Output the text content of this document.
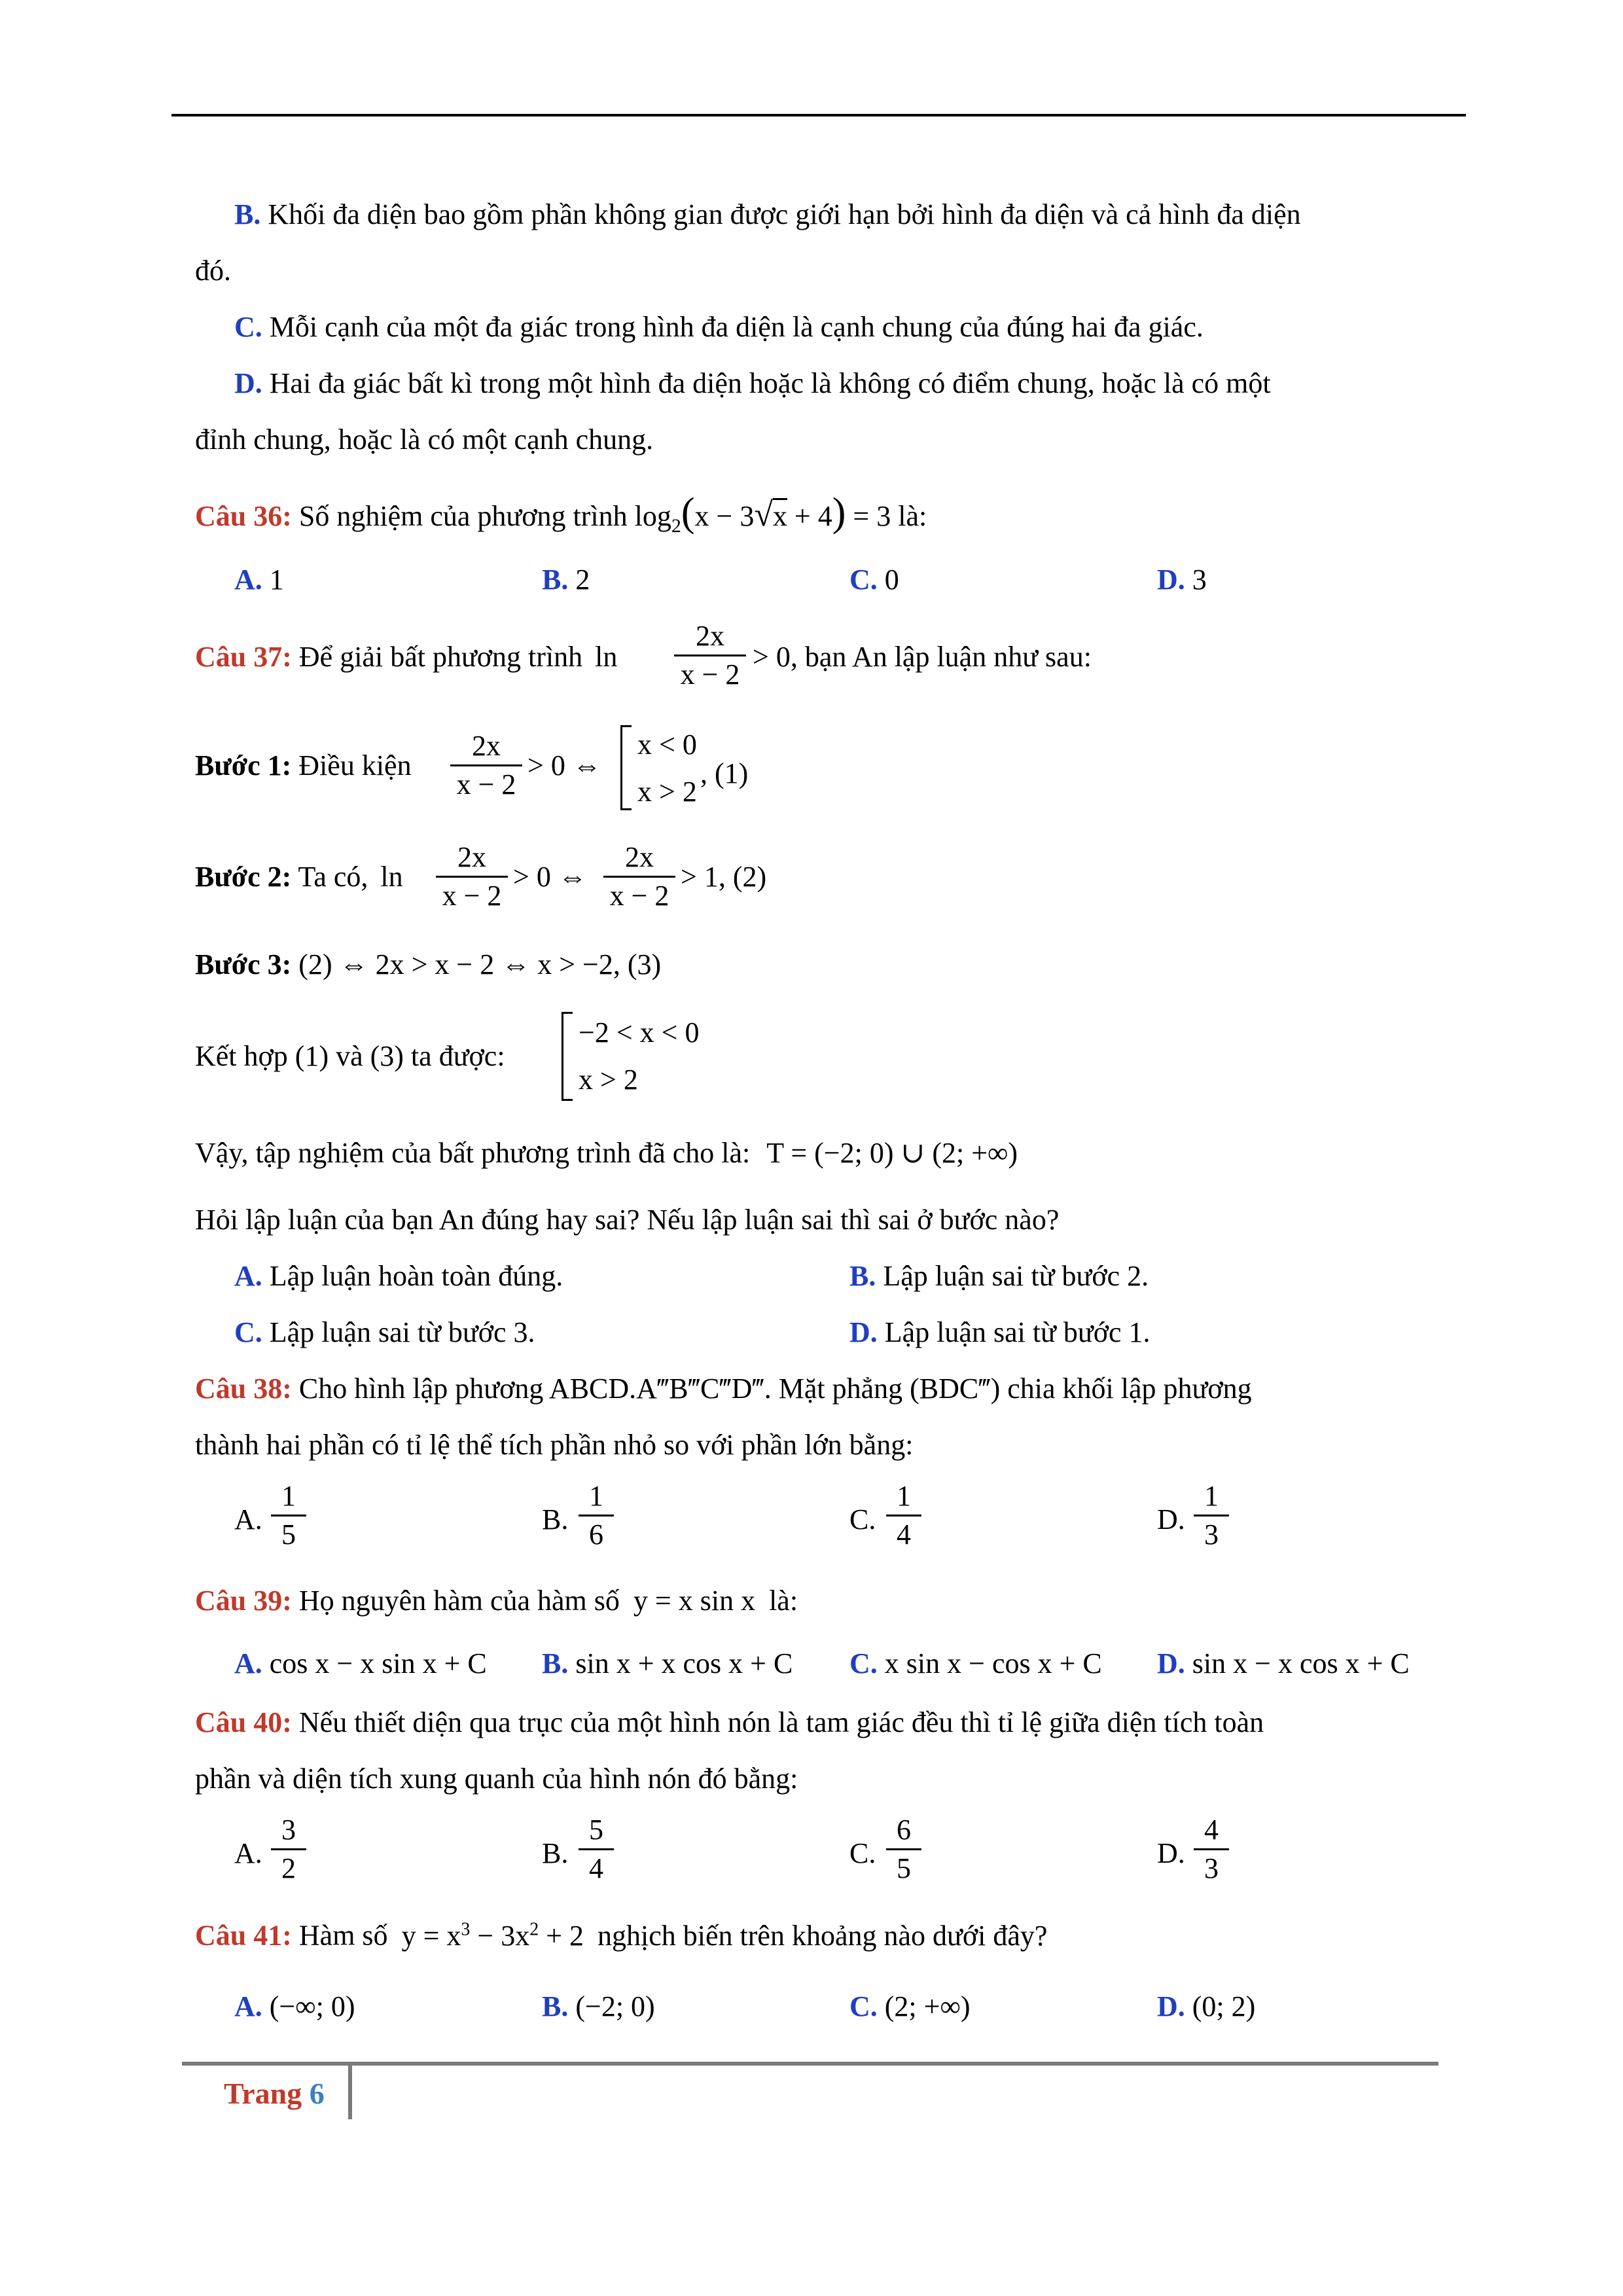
B. Khối đa diện bao gồm phần không gian được giới hạn bởi hình đa diện và cả hình đa diện
đó.
C. Mỗi cạnh của một đa giác trong hình đa diện là cạnh chung của đúng hai đa giác.
D. Hai đa giác bất kì trong một hình đa diện hoặc là không có điểm chung, hoặc là có một
đỉnh chung, hoặc là có một cạnh chung.
Câu 36: Số nghiệm của phương trình $\log_2(x - 3√x + 4) = 3$ là:
A. 1	B. 2	C. 0	D. 3
Câu 37: Để giải bất phương trình $\ln \frac{2x}{x - 2} > 0$, bạn An lập luận như sau:
Bước 1: Điều kiện $\frac{2x}{x - 2} > 0$ ⇔
x < 0
x > 2
, (1)
Bước 2: Ta có, $\ln \frac{2x}{x - 2} > 0$ ⇔ $\frac{2x}{x - 2} > 1$, (2)
Bước 3: (2) ⇔ 2x > x − 2 ⇔ x > −2, (3)
Kết hợp (1) và (3) ta được:
−2 < x < 0
x > 2
Vậy, tập nghiệm của bất phương trình đã cho là: T = (−2; 0) ∪ (2; +∞)
Hỏi lập luận của bạn An đúng hay sai? Nếu lập luận sai thì sai ở bước nào?
A. Lập luận hoàn toàn đúng.	B. Lập luận sai từ bước 2.
C. Lập luận sai từ bước 3.	D. Lập luận sai từ bước 1.
Câu 38: Cho hình lập phương ABCD.A‴B‴C‴D‴. Mặt phẳng (BDC‴) chia khối lập phương
thành hai phần có tỉ lệ thể tích phần nhỏ so với phần lớn bằng:
A. $\frac{1}{5}$	B. $\frac{1}{6}$	C. $\frac{1}{4}$	D. $\frac{1}{3}$
Câu 39: Họ nguyên hàm của hàm số y = x sin x là:
A. cos x − x sin x + C B. sin x + x cos x + C C. x sin x − cos x + C D. sin x − x cos x + C
Câu 40: Nếu thiết diện qua trục của một hình nón là tam giác đều thì tỉ lệ giữa diện tích toàn
phần và diện tích xung quanh của hình nón đó bằng:
A. $\frac{3}{2}$	B. $\frac{5}{4}$	C. $\frac{6}{5}$	D. $\frac{4}{3}$
Câu 41: Hàm số $y = x^3 - 3x^2 + 2$ nghịch biến trên khoảng nào dưới đây?
A. (−∞; 0)	B. (−2; 0)	C. (2; +∞)	D. (0; 2)
Trang 6
